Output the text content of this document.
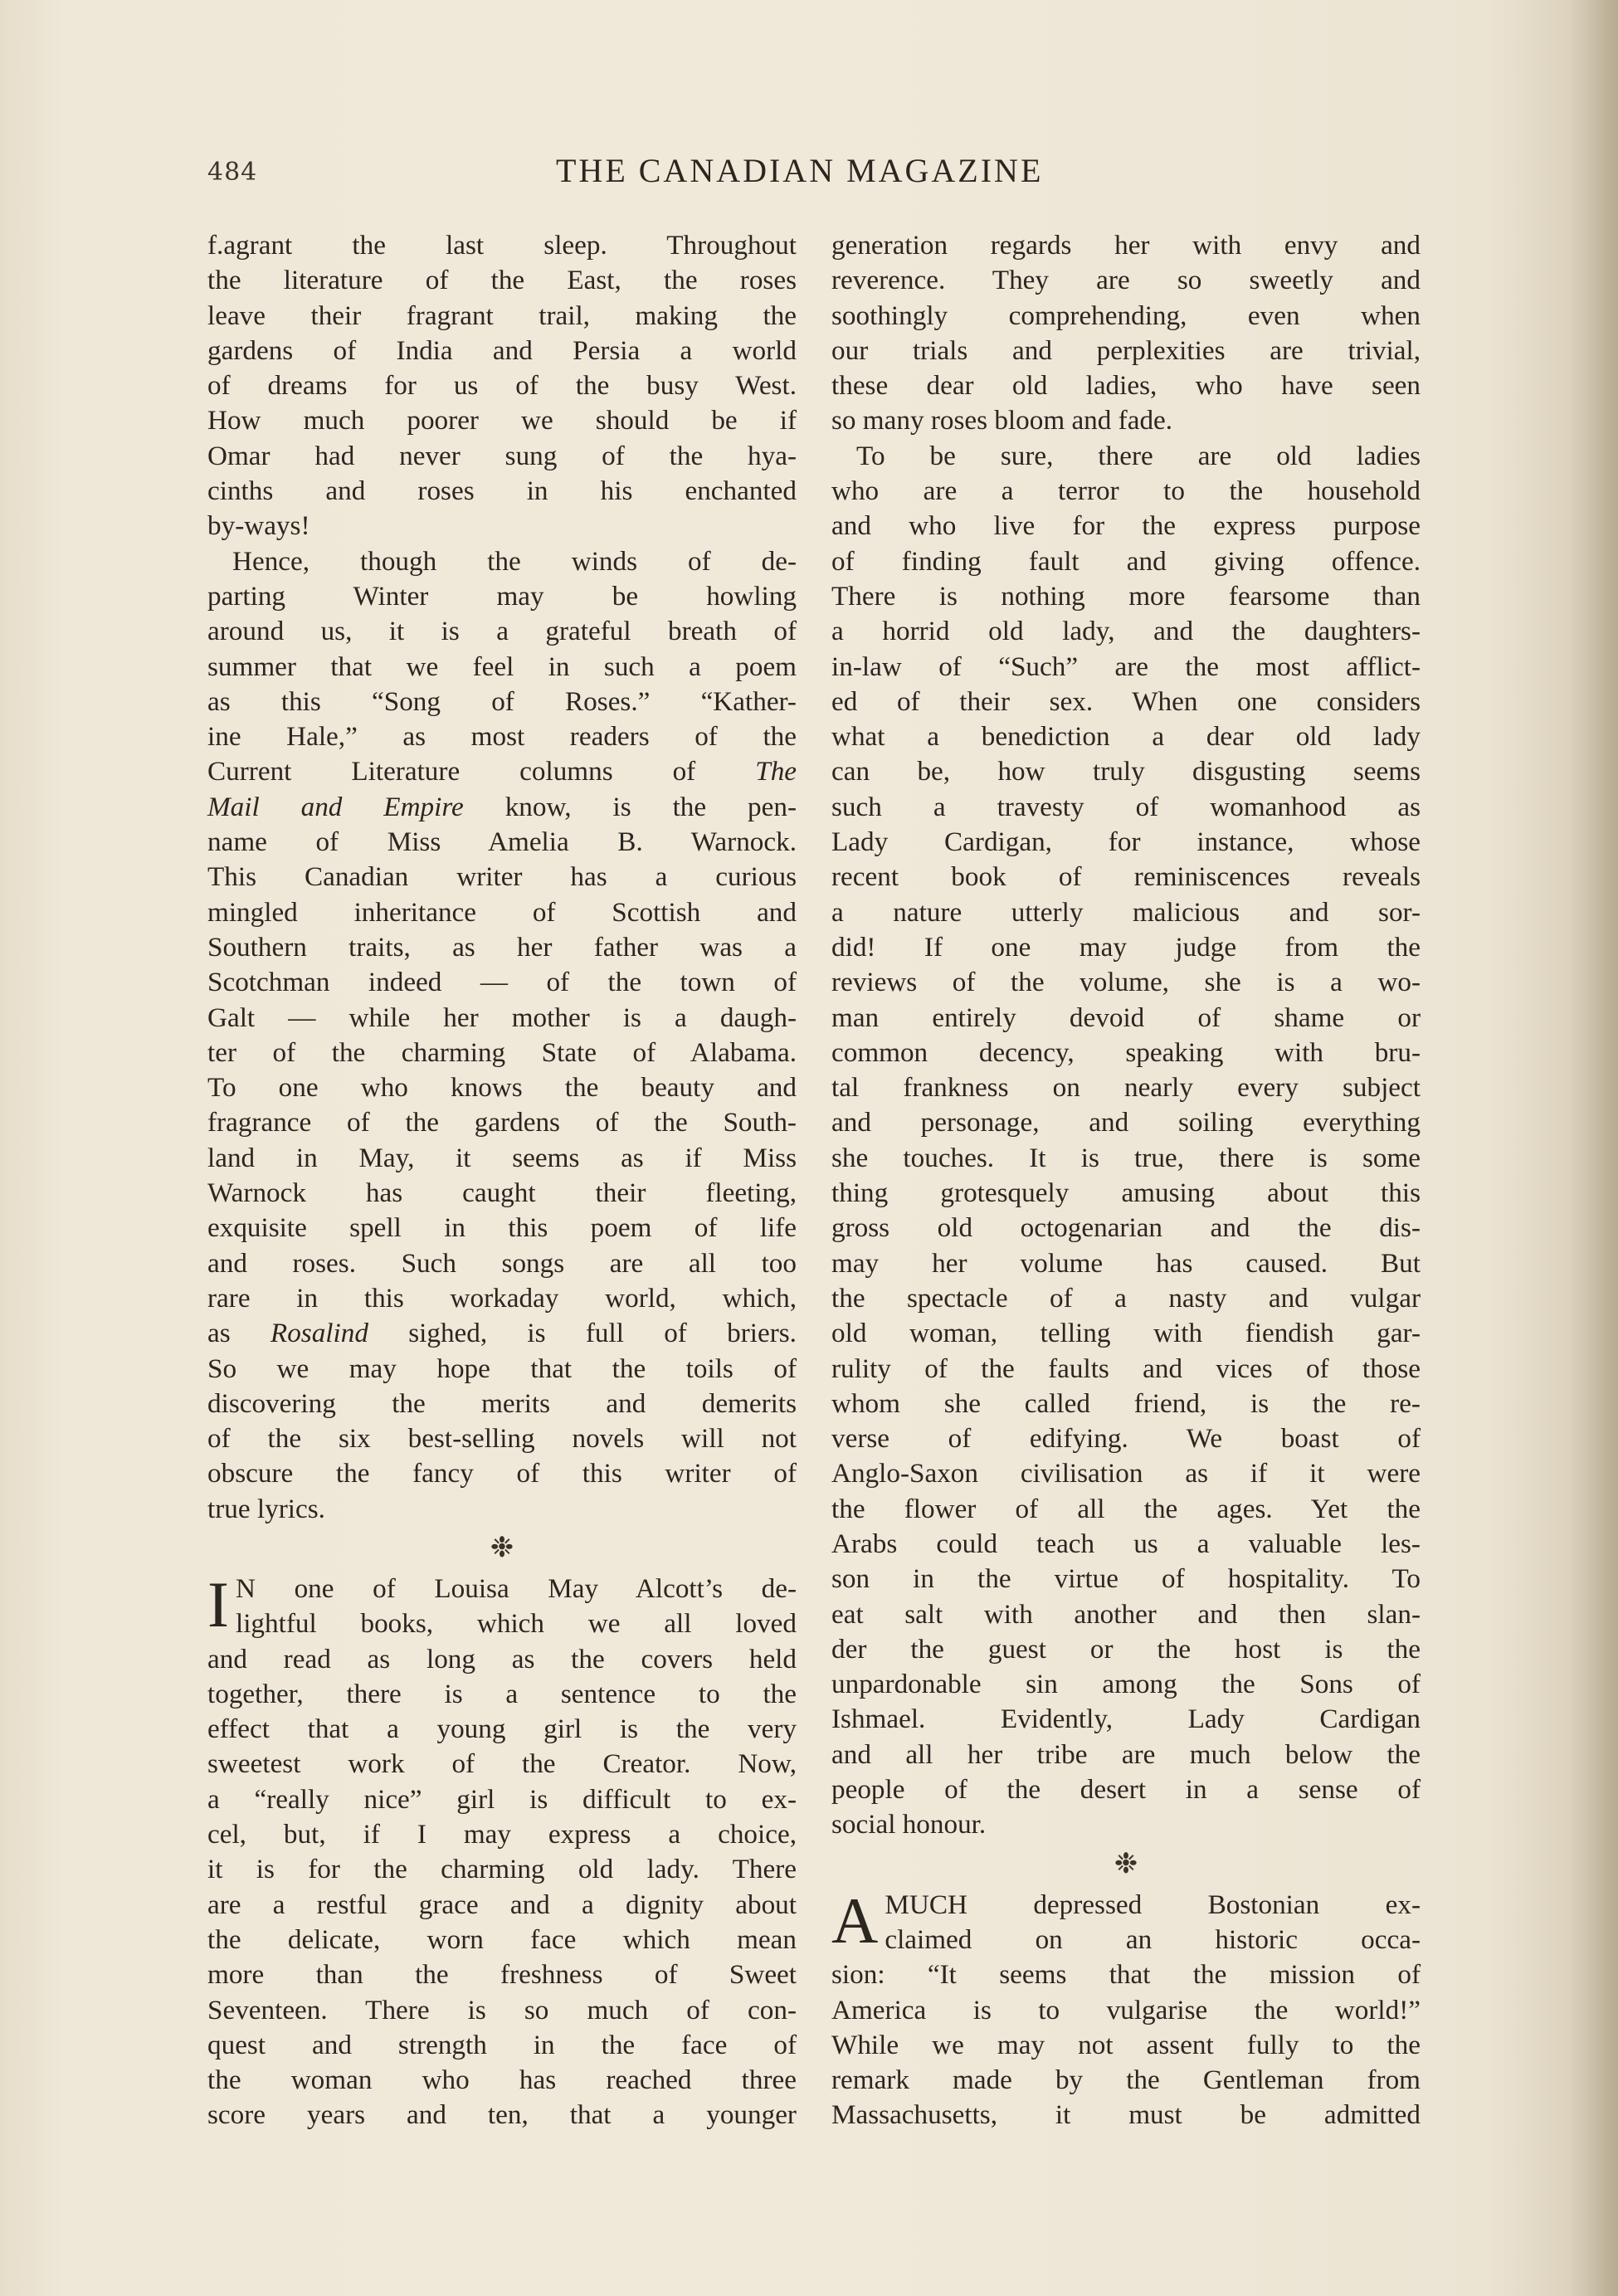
484	THE CANADIAN MAGAZINE

f.agrant the last sleep. Throughout

the literature of the East, the roses

leave their fragrant trail, making the

gardens of India and Persia a world

of dreams for us of the busy West.

How much poorer we should be if

Omar had never sung of the hya-

cinths and roses in his enchanted

by-ways!

Hence, though the winds of de-

parting Winter may be howling

around us, it is a grateful breath of

summer that we feel in such a poem

as this “Song of Roses.” “Kather-

ine Hale,” as most readers of the

Current Literature columns of The

Mail and Empire know, is the pen-

name of Miss Amelia B. Warnock.

This Canadian writer has a curious

mingled inheritance of Scottish and

Southern traits, as her father was a

Scotchman indeed — of the town of

Galt — while her mother is a daugh-

ter of the charming State of Alabama.

To one who knows the beauty and

fragrance of the gardens of the South-

land in May, it seems as if Miss

Warnock has caught their fleeting,

exquisite spell in this poem of life

and roses. Such songs are all too

rare in this workaday world, which,

as Rosalind sighed, is full of briers.

So we may hope that the toils of

discovering the merits and demerits

of the six best-selling novels will not

obscure the fancy of this writer of

true lyrics.

❉
I N one of Louisa May Alcott’s de-

lightful books, which we all loved

and read as long as the covers held

together, there is a sentence to the

effect that a young girl is the very

sweetest work of the Creator. Now,

a “really nice” girl is difficult to ex-

cel, but, if I may express a choice,

it is for the charming old lady. There

are a restful grace and a dignity about

the delicate, worn face which mean

more than the freshness of Sweet

Seventeen. There is so much of con-

quest and strength in the face of

the woman who has reached three

score years and ten, that a younger

generation regards her with envy and

reverence. They are so sweetly and

soothingly comprehending, even when

our trials and perplexities are trivial,

these dear old ladies, who have seen

so many roses bloom and fade.

To be sure, there are old ladies

who are a terror to the household

and who live for the express purpose

of finding fault and giving offence.

There is nothing more fearsome than

a horrid old lady, and the daughters-

in-law of “Such” are the most afflict-

ed of their sex. When one considers

what a benediction a dear old lady

can be, how truly disgusting seems

such a travesty of womanhood as

Lady Cardigan, for instance, whose

recent book of reminiscences reveals

a nature utterly malicious and sor-

did! If one may judge from the

reviews of the volume, she is a wo-

man entirely devoid of shame or

common decency, speaking with bru-

tal frankness on nearly every subject

and personage, and soiling everything

she touches. It is true, there is some

thing grotesquely amusing about this

gross old octogenarian and the dis-

may her volume has caused. But

the spectacle of a nasty and vulgar

old woman, telling with fiendish gar-

rulity of the faults and vices of those

whom she called friend, is the re-

verse of edifying. We boast of

Anglo-Saxon civilisation as if it were

the flower of all the ages. Yet the

Arabs could teach us a valuable les-

son in the virtue of hospitality. To

eat salt with another and then slan-

der the guest or the host is the

unpardonable sin among the Sons of

Ishmael. Evidently, Lady Cardigan

and all her tribe are much below the

people of the desert in a sense of

social honour.

❉
A MUCH depressed Bostonian ex-

claimed on an historic occa-

sion: “It seems that the mission of

America is to vulgarise the world!”

While we may not assent fully to the

remark made by the Gentleman from

Massachusetts, it must be admitted
